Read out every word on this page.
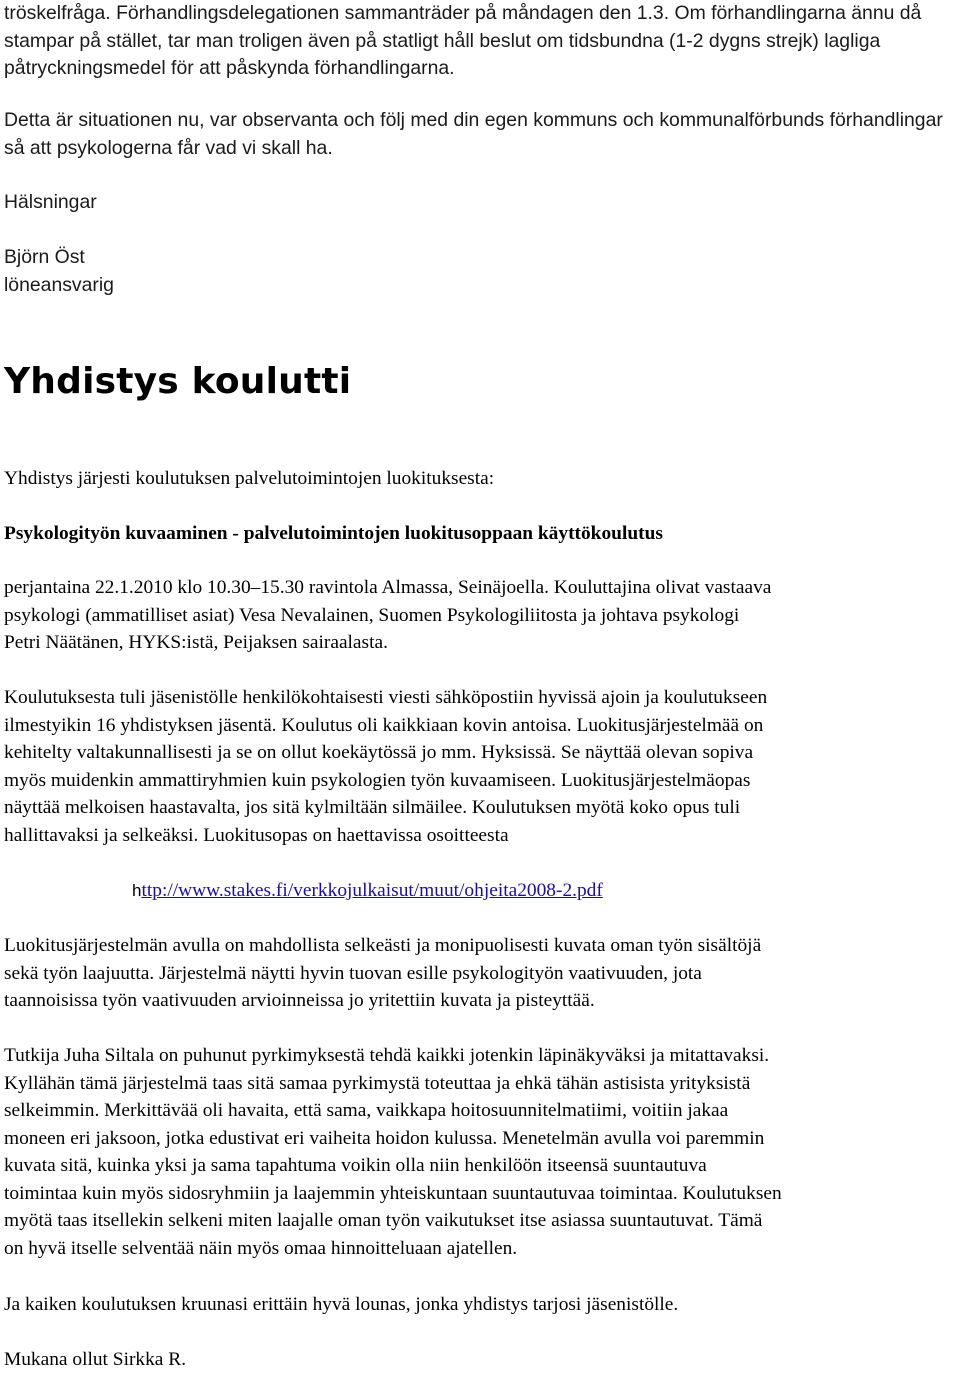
tröskelfråga. Förhandlingsdelegationen sammanträder på måndagen den 1.3. Om förhandlingarna ännu då stampar på stället, tar man troligen även på statligt håll beslut om tidsbundna (1-2 dygns strejk) lagliga påtryckningsmedel för att påskynda förhandlingarna.

Detta är situationen nu, var observanta och följ med din egen kommuns och kommunalförbunds förhandlingar så att psykologerna får vad vi skall ha.

Hälsningar

Björn Öst

löneansvarig

Yhdistys koulutti

Yhdistys järjesti koulutuksen palvelutoimintojen luokituksesta:

Psykologityön kuvaaminen - palvelutoimintojen luokitusoppaan käyttökoulutus

perjantaina 22.1.2010 klo 10.30–15.30 ravintola Almassa, Seinäjoella. Kouluttajina olivat vastaava
psykologi (ammatilliset asiat) Vesa Nevalainen, Suomen Psykologiliitosta ja johtava psykologi
Petri Näätänen, HYKS:istä, Peijaksen sairaalasta.
Koulutuksesta tuli jäsenistölle henkilökohtaisesti viesti sähköpostiin hyvissä ajoin ja koulutukseen
ilmestyikin 16 yhdistyksen jäsentä. Koulutus oli kaikkiaan kovin antoisa. Luokitusjärjestelmää on
kehitelty valtakunnallisesti ja se on ollut koekäytössä jo mm. Hyksissä. Se näyttää olevan sopiva
myös muidenkin ammattiryhmien kuin psykologien työn kuvaamiseen. Luokitusjärjestelmäopas
näyttää melkoisen haastavalta, jos sitä kylmiltään silmäilee. Koulutuksen myötä koko opus tuli
hallittavaksi ja selkeäksi. Luokitusopas on haettavissa osoitteesta
http://www.stakes.fi/verkkojulkaisut/muut/ohjeita2008-2.pdf
Luokitusjärjestelmän avulla on mahdollista selkeästi ja monipuolisesti kuvata oman työn sisältöjä
sekä työn laajuutta. Järjestelmä näytti hyvin tuovan esille psykologityön vaativuuden, jota
taannoisissa työn vaativuuden arvioinneissa jo yritettiin kuvata ja pisteyttää.
Tutkija Juha Siltala on puhunut pyrkimyksestä tehdä kaikki jotenkin läpinäkyväksi ja mitattavaksi.
Kyllähän tämä järjestelmä taas sitä samaa pyrkimystä toteuttaa ja ehkä tähän astisista yrityksistä
selkeimmin. Merkittävää oli havaita, että sama, vaikkapa hoitosuunnitelmatiimi, voitiin jakaa
moneen eri jaksoon, jotka edustivat eri vaiheita hoidon kulussa. Menetelmän avulla voi paremmin
kuvata sitä, kuinka yksi ja sama tapahtuma voikin olla niin henkilöön itseensä suuntautuva
toimintaa kuin myös sidosryhmiin ja laajemmin yhteiskuntaan suuntautuvaa toimintaa. Koulutuksen
myötä taas itsellekin selkeni miten laajalle oman työn vaikutukset itse asiassa suuntautuvat. Tämä
on hyvä itselle selventää näin myös omaa hinnoitteluaan ajatellen.

Ja kaiken koulutuksen kruunasi erittäin hyvä lounas, jonka yhdistys tarjosi jäsenistölle.

Mukana ollut Sirkka R.
